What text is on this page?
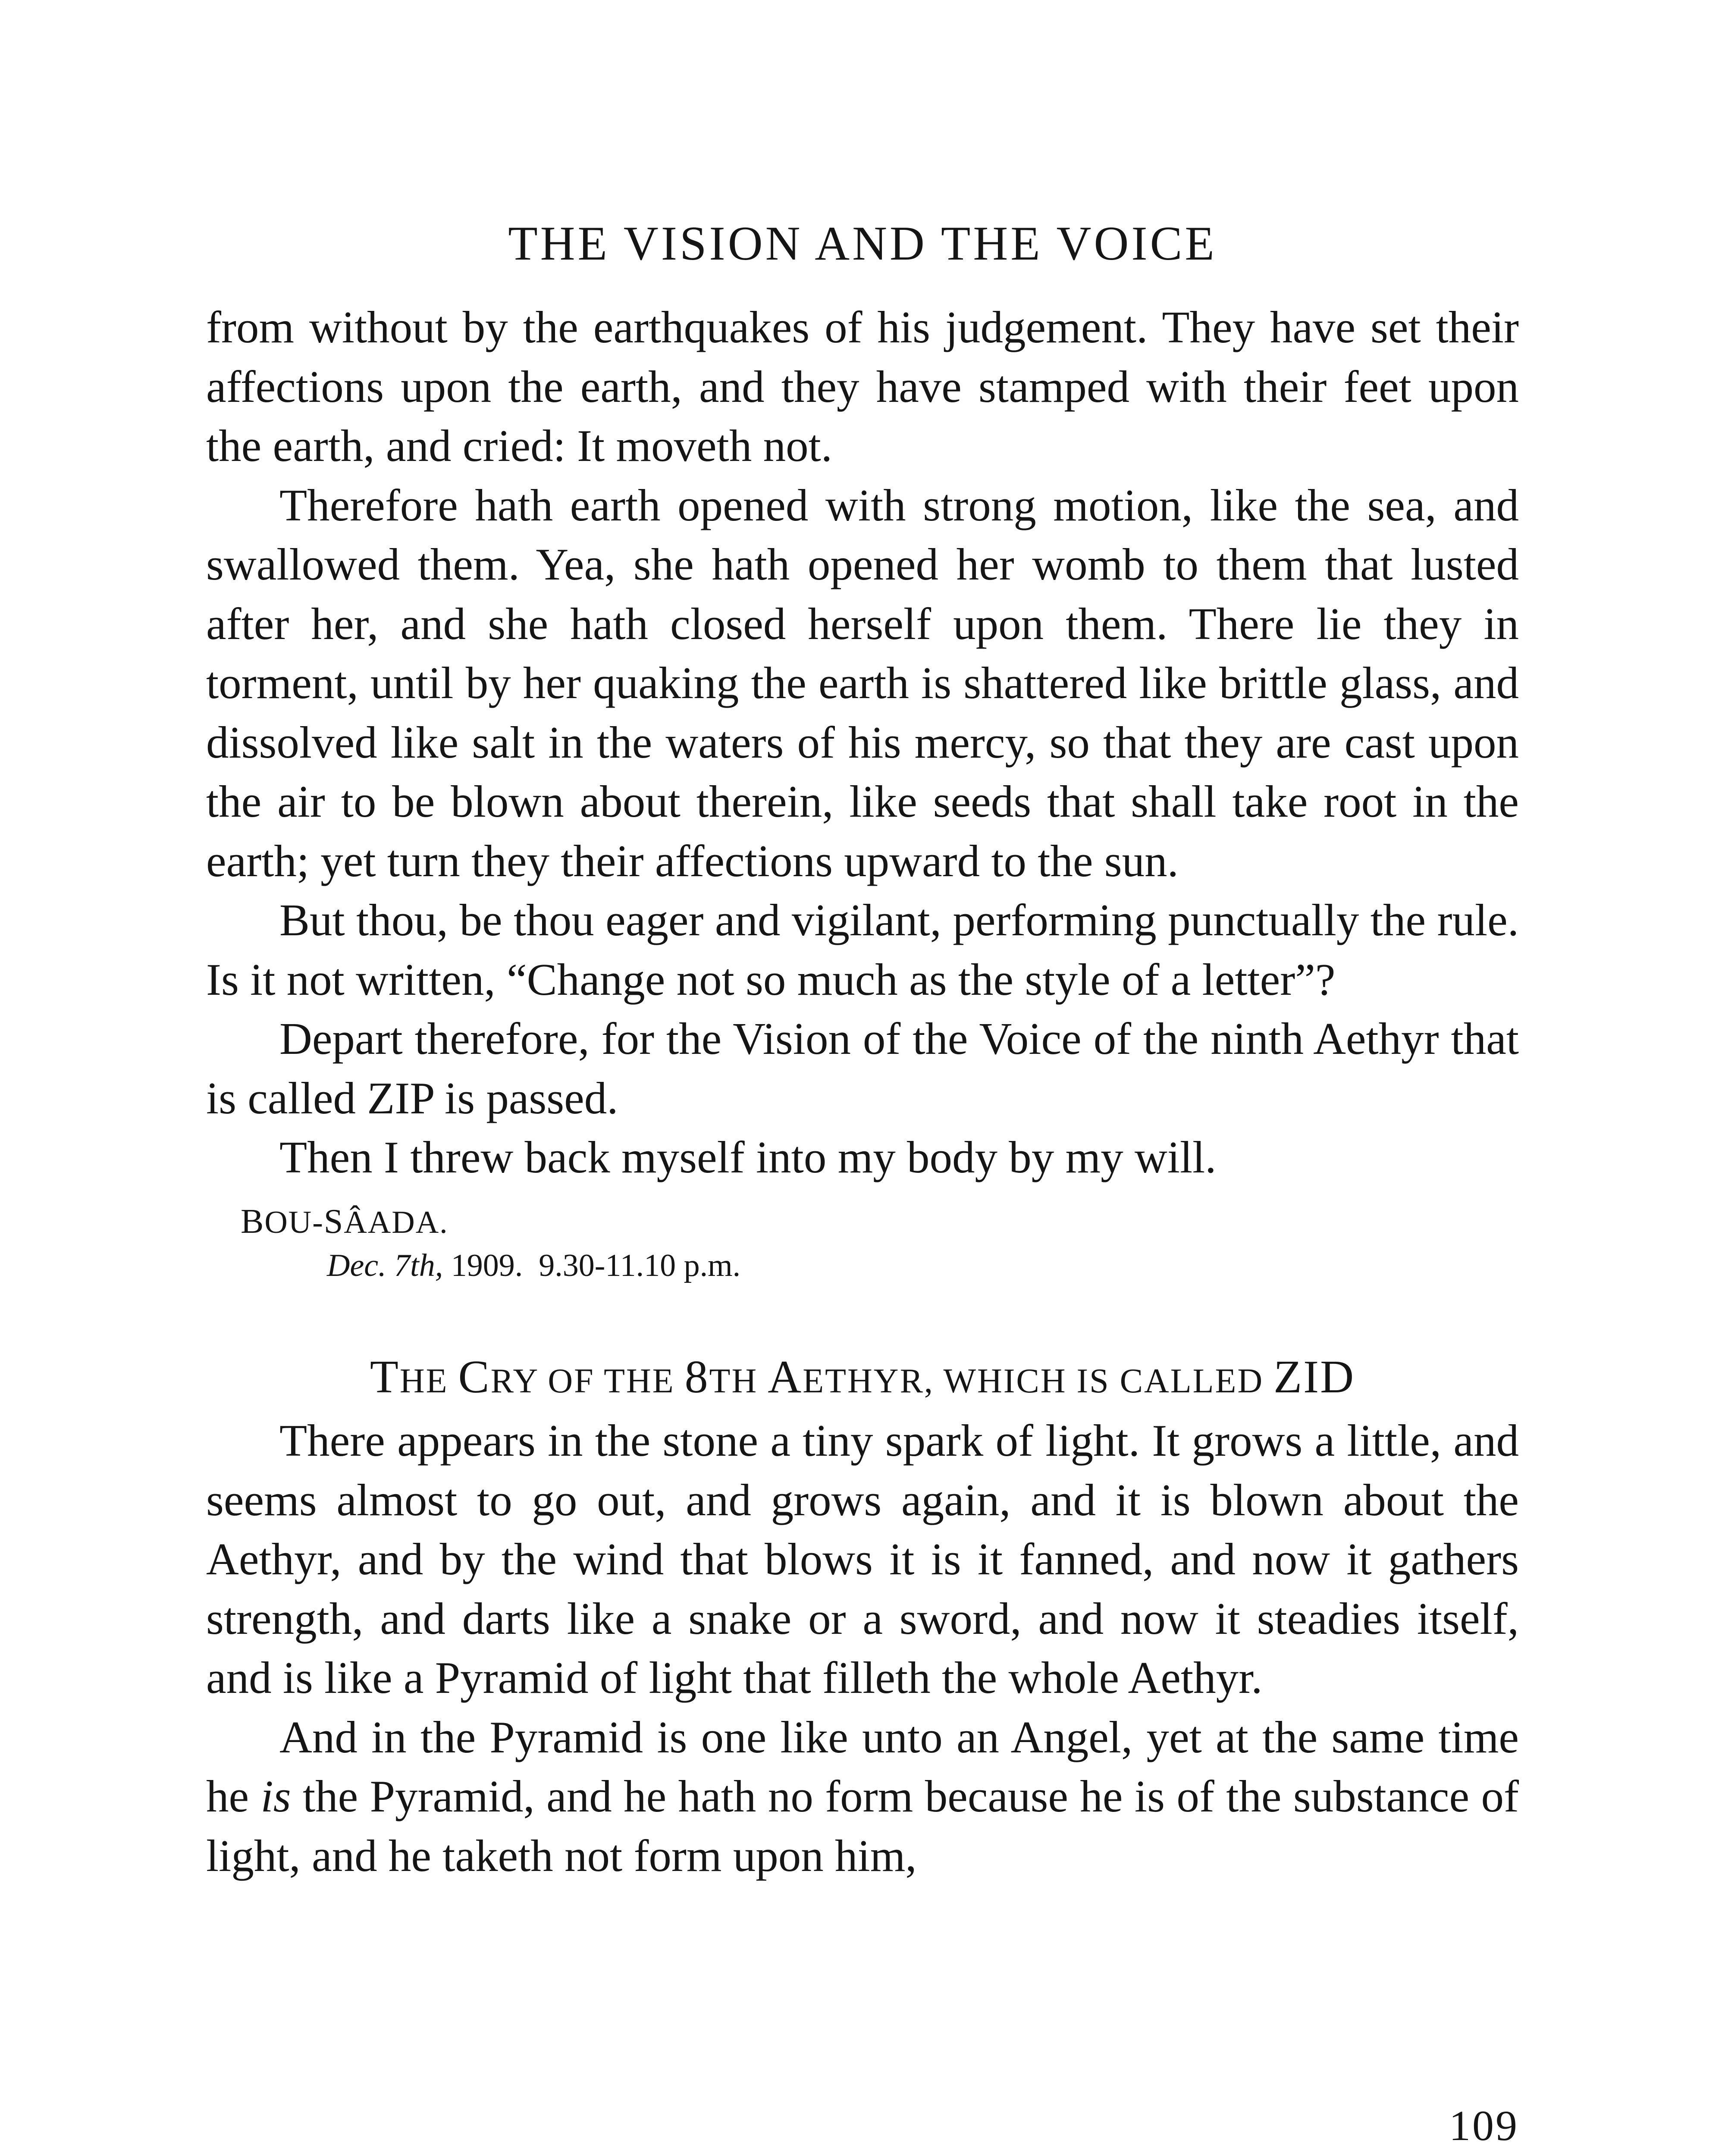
THE VISION AND THE VOICE

from without by the earthquakes of his judgement. They have set their affections upon the earth, and they have stamped with their feet upon the earth, and cried: It moveth not.

Therefore hath earth opened with strong motion, like the sea, and swallowed them. Yea, she hath opened her womb to them that lusted after her, and she hath closed herself upon them. There lie they in torment, until by her quaking the earth is shattered like brittle glass, and dissolved like salt in the waters of his mercy, so that they are cast upon the air to be blown about therein, like seeds that shall take root in the earth; yet turn they their affections upward to the sun.

But thou, be thou eager and vigilant, performing punctually the rule. Is it not written, “Change not so much as the style of a letter”?

Depart therefore, for the Vision of the Voice of the ninth Aethyr that is called ZIP is passed.

Then I threw back myself into my body by my will.

BOU-SÂADA.
Dec. 7th, 1909. 9.30-11.10 p.m.
THE CRY OF THE 8TH AETHYR, WHICH IS CALLED ZID

There appears in the stone a tiny spark of light. It grows a little, and seems almost to go out, and grows again, and it is blown about the Aethyr, and by the wind that blows it is it fanned, and now it gathers strength, and darts like a snake or a sword, and now it steadies itself, and is like a Pyramid of light that filleth the whole Aethyr.

And in the Pyramid is one like unto an Angel, yet at the same time he is the Pyramid, and he hath no form because he is of the substance of light, and he taketh not form upon him,

109
